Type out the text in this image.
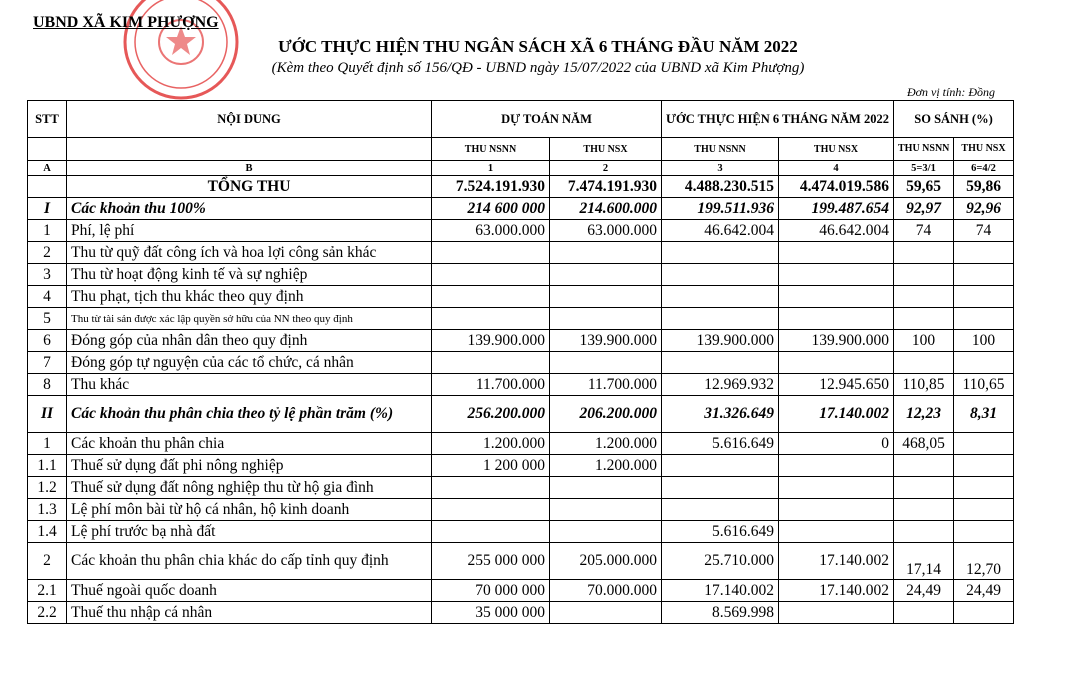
UBND XÃ KIM PHƯỢNG
ƯỚC THỰC HIỆN THU NGÂN SÁCH XÃ 6 THÁNG ĐẦU NĂM 2022
(Kèm theo Quyết định số 156/QĐ - UBND ngày 15/07/2022 của UBND xã Kim Phượng)
Đơn vị tính: Đồng
STT	NỘI DUNG	DỰ TOÁN NĂM		ƯỚC THỰC HIỆN 6 THÁNG NĂM 2022		SO SÁNH (%)	
		THU NSNN	THU NSX	THU NSNN	THU NSX	THU NSNN	THU NSX
A	B	1	2	3	4	5=3/1	6=4/2
	TỔNG THU	7.524.191.930	7.474.191.930	4.488.230.515	4.474.019.586	59,65	59,86
I	Các khoản thu 100%	214 600 000	214.600.000	199.511.936	199.487.654	92,97	92,96
1	Phí, lệ phí	63.000.000	63.000.000	46.642.004	46.642.004	74	74
2	Thu từ quỹ đất công ích và hoa lợi công sản khác						
3	Thu từ hoạt động kinh tế và sự nghiệp						
4	Thu phạt, tịch thu khác theo quy định						
5	Thu từ tài sản được xác lập quyền sở hữu của NN theo quy định						
6	Đóng góp của nhân dân theo quy định	139.900.000	139.900.000	139.900.000	139.900.000	100	100
7	Đóng góp tự nguyện của các tổ chức, cá nhân						
8	Thu khác	11.700.000	11.700.000	12.969.932	12.945.650	110,85	110,65
II	Các khoản thu phân chia theo tỷ lệ phần trăm (%)	256.200.000	206.200.000	31.326.649	17.140.002	12,23	8,31
1	Các khoản thu phân chia	1.200.000	1.200.000	5.616.649	0	468,05	
1.1	Thuế sử dụng đất phi nông nghiệp	1 200 000	1.200.000				
1.2	Thuế sử dụng đất nông nghiệp thu từ hộ gia đình						
1.3	Lệ phí môn bài từ hộ cá nhân, hộ kinh doanh						
1.4	Lệ phí trước bạ nhà đất			5.616.649			
2	Các khoản thu phân chia khác do cấp tỉnh quy định	255 000 000	205.000.000	25.710.000	17.140.002	17,14	12,70
2.1	Thuế ngoài quốc doanh	70 000 000	70.000.000	17.140.002	17.140.002	24,49	24,49
2.2	Thuế thu nhập cá nhân	35 000 000		8.569.998			
